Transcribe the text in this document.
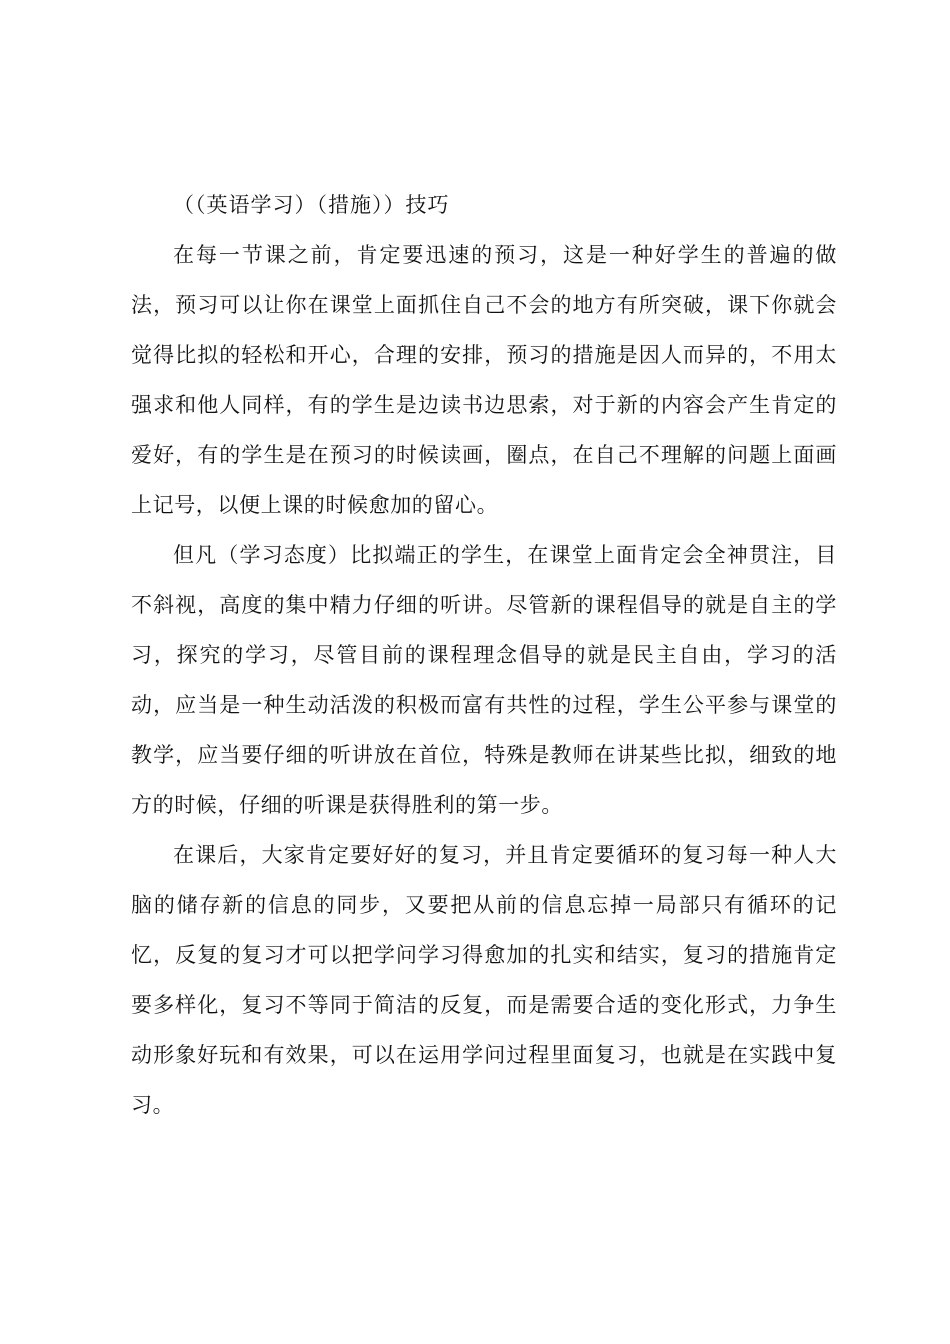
（（英语学习）（措施））技巧

在每一节课之前，肯定要迅速的预习，这是一种好学生的普遍的做法，预习可以让你在课堂上面抓住自己不会的地方有所突破，课下你就会觉得比拟的轻松和开心，合理的安排，预习的措施是因人而异的，不用太强求和他人同样，有的学生是边读书边思索，对于新的内容会产生肯定的爱好，有的学生是在预习的时候读画，圈点，在自己不理解的问题上面画上记号，以便上课的时候愈加的留心。

但凡（学习态度）比拟端正的学生，在课堂上面肯定会全神贯注，目不斜视，高度的集中精力仔细的听讲。尽管新的课程倡导的就是自主的学习，探究的学习，尽管目前的课程理念倡导的就是民主自由，学习的活动，应当是一种生动活泼的积极而富有共性的过程，学生公平参与课堂的教学，应当要仔细的听讲放在首位，特殊是教师在讲某些比拟，细致的地方的时候，仔细的听课是获得胜利的第一步。

在课后，大家肯定要好好的复习，并且肯定要循环的复习每一种人大脑的储存新的信息的同步，又要把从前的信息忘掉一局部只有循环的记忆，反复的复习才可以把学问学习得愈加的扎实和结实，复习的措施肯定要多样化，复习不等同于简洁的反复，而是需要合适的变化形式，力争生动形象好玩和有效果，可以在运用学问过程里面复习，也就是在实践中复习。
